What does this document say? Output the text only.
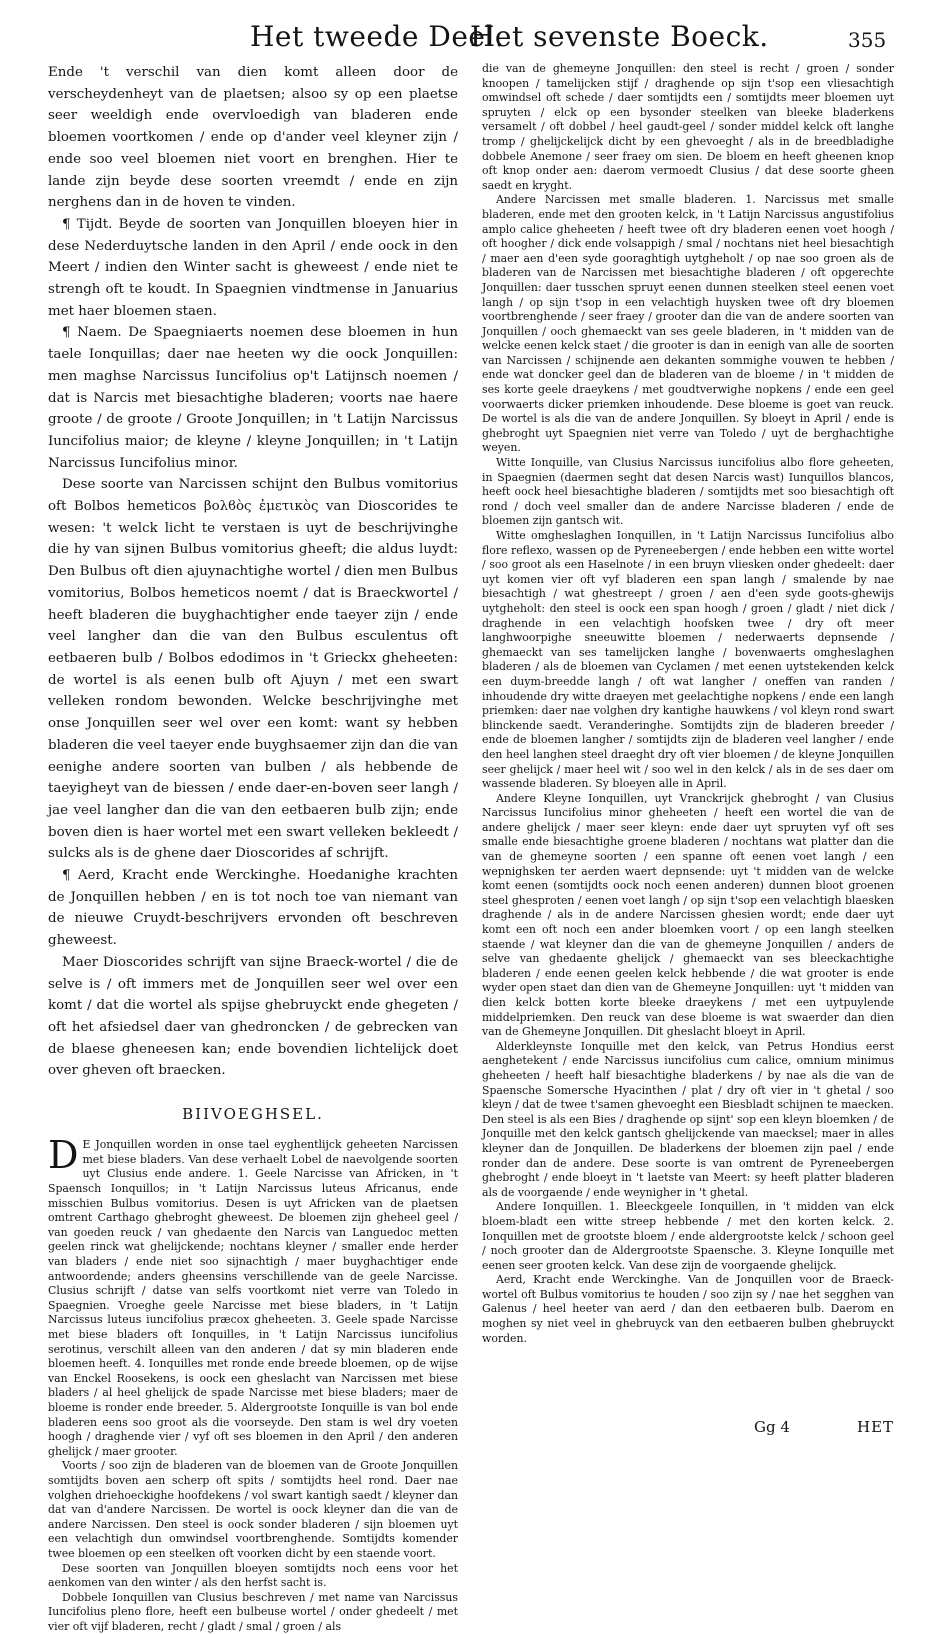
Het tweede Deel.
Het sevenste Boeck.	355

Ende 't verschil van dien komt alleen door de verscheydenheyt van de plaetsen; alsoo sy op een plaetse seer weeldigh ende overvloedigh van bladeren ende bloemen voortkomen / ende op d'ander veel kleyner zijn / ende soo veel bloemen niet voort en brenghen. Hier te lande zijn beyde dese soorten vreemdt / ende en zijn nerghens dan in de hoven te vinden.

¶ Tijdt. Beyde de soorten van Jonquillen bloeyen hier in dese Nederduytsche landen in den April / ende oock in den Meert / indien den Winter sacht is gheweest / ende niet te strengh oft te koudt. In Spaegnien vindtmense in Januarius met haer bloemen staen.

¶ Naem. De Spaegniaerts noemen dese bloemen in hun taele Ionquillas; daer nae heeten wy die oock Jonquillen: men maghse Narcissus Iuncifolius op't Latijnsch noemen / dat is Narcis met biesachtighe bladeren; voorts nae haere groote / de groote / Groote Jonquillen; in 't Latijn Narcissus Iuncifolius maior; de kleyne / kleyne Jonquillen; in 't Latijn Narcissus Iuncifolius minor.

Dese soorte van Narcissen schijnt den Bulbus vomitorius oft Bolbos hemeticos βολϐὸς ἐμετικὸς van Dioscorides te wesen: 't welck licht te verstaen is uyt de beschrijvinghe die hy van sijnen Bulbus vomitorius gheeft; die aldus luydt: Den Bulbus oft dien ajuynachtighe wortel / dien men Bulbus vomitorius, Bolbos hemeticos noemt / dat is Braeckwortel / heeft bladeren die buyghachtigher ende taeyer zijn / ende veel langher dan die van den Bulbus esculentus oft eetbaeren bulb / Bolbos edodimos in 't Grieckx gheheeten: de wortel is als eenen bulb oft Ajuyn / met een swart velleken rondom bewonden. Welcke beschrijvinghe met onse Jonquillen seer wel over een komt: want sy hebben bladeren die veel taeyer ende buyghsaemer zijn dan die van eenighe andere soorten van bulben / als hebbende de taeyigheyt van de biessen / ende daer-en-boven seer langh / jae veel langher dan die van den eetbaeren bulb zijn; ende boven dien is haer wortel met een swart velleken bekleedt / sulcks als is de ghene daer Dioscorides af schrijft.

¶ Aerd, Kracht ende Werckinghe. Hoedanighe krachten de Jonquillen hebben / en is tot noch toe van niemant van de nieuwe Cruydt-beschrijvers ervonden oft beschreven gheweest.

Maer Dioscorides schrijft van sijne Braeck-wortel / die de selve is / oft immers met de Jonquillen seer wel over een komt / dat die wortel als spijse ghebruyckt ende ghegeten / oft het afsiedsel daer van ghedroncken / de gebrecken van de blaese gheneesen kan; ende bovendien lichtelijck doet over gheven oft braecken.

BIIVOEGHSEL.

D E Jonquillen worden in onse tael eyghentlijck geheeten Narcissen met biese bladers. Van dese verhaelt Lobel de naevolgende soorten uyt Clusius ende andere. 1. Geele Narcisse van Africken, in 't Spaensch Ionquillos; in 't Latijn Narcissus luteus Africanus, ende misschien Bulbus vomitorius. Desen is uyt Africken van de plaetsen omtrent Carthago ghebroght gheweest. De bloemen zijn gheheel geel / van goeden reuck / van ghedaente den Narcis van Languedoc metten geelen rinck wat ghelijckende; nochtans kleyner / smaller ende herder van bladers / ende niet soo sijnachtigh / maer buyghachtiger ende antwoordende; anders gheensins verschillende van de geele Narcisse. Clusius schrijft / datse van selfs voortkomt niet verre van Toledo in Spaegnien. Vroeghe geele Narcisse met biese bladers, in 't Latijn Narcissus luteus iuncifolius præcox gheheeten. 3. Geele spade Narcisse met biese bladers oft Ionquilles, in 't Latijn Narcissus iuncifolius serotinus, verschilt alleen van den anderen / dat sy min bladeren ende bloemen heeft. 4. Ionquilles met ronde ende breede bloemen, op de wijse van Enckel Roosekens, is oock een gheslacht van Narcissen met biese bladers / al heel ghelijck de spade Narcisse met biese bladers; maer de bloeme is ronder ende breeder. 5. Aldergrootste Ionquille is van bol ende bladeren eens soo groot als die voorseyde. Den stam is wel dry voeten hoogh / draghende vier / vyf oft ses bloemen in den April / den anderen ghelijck / maer grooter.

Voorts / soo zijn de bladeren van de bloemen van de Groote Jonquillen somtijdts boven aen scherp oft spits / somtijdts heel rond. Daer nae volghen driehoeckighe hoofdekens / vol swart kantigh saedt / kleyner dan dat van d'andere Narcissen. De wortel is oock kleyner dan die van de andere Narcissen. Den steel is oock sonder bladeren / sijn bloemen uyt een velachtigh dun omwindsel voortbrenghende. Somtijdts komender twee bloemen op een steelken oft voorken dicht by een staende voort.

Dese soorten van Jonquillen bloeyen somtijdts noch eens voor het aenkomen van den winter / als den herfst sacht is.

Dobbele Ionquillen van Clusius beschreven / met name van Narcissus Iuncifolius pleno flore, heeft een bulbeuse wortel / onder ghedeelt / met vier oft vijf bladeren, recht / gladt / smal / groen / als

die van de ghemeyne Jonquillen: den steel is recht / groen / sonder knoopen / tamelijcken stijf / draghende op sijn t'sop een vliesachtigh omwindsel oft schede / daer somtijdts een / somtijdts meer bloemen uyt spruyten / elck op een bysonder steelken van bleeke bladerkens versamelt / oft dobbel / heel gaudt-geel / sonder middel kelck oft langhe tromp / ghelijckelijck dicht by een ghevoeght / als in de breedbladighe dobbele Anemone / seer fraey om sien. De bloem en heeft gheenen knop oft knop onder aen: daerom vermoedt Clusius / dat dese soorte gheen saedt en kryght.

Andere Narcissen met smalle bladeren. 1. Narcissus met smalle bladeren, ende met den grooten kelck, in 't Latijn Narcissus angustifolius amplo calice gheheeten / heeft twee oft dry bladeren eenen voet hoogh / oft hoogher / dick ende volsappigh / smal / nochtans niet heel biesachtigh / maer aen d'een syde gooraghtigh uytgheholt / op nae soo groen als de bladeren van de Narcissen met biesachtighe bladeren / oft opgerechte Jonquillen: daer tusschen spruyt eenen dunnen steelken steel eenen voet langh / op sijn t'sop in een velachtigh huysken twee oft dry bloemen voortbrenghende / seer fraey / grooter dan die van de andere soorten van Jonquillen / ooch ghemaeckt van ses geele bladeren, in 't midden van de welcke eenen kelck staet / die grooter is dan in eenigh van alle de soorten van Narcissen / schijnende aen dekanten sommighe vouwen te hebben / ende wat doncker geel dan de bladeren van de bloeme / in 't midden de ses korte geele draeykens / met goudtverwighe nopkens / ende een geel voorwaerts dicker priemken inhoudende. Dese bloeme is goet van reuck. De wortel is als die van de andere Jonquillen. Sy bloeyt in April / ende is ghebroght uyt Spaegnien niet verre van Toledo / uyt de berghachtighe weyen.

Witte Ionquille, van Clusius Narcissus iuncifolius albo flore geheeten, in Spaegnien (daermen seght dat desen Narcis wast) Iunquillos blancos, heeft oock heel biesachtighe bladeren / somtijdts met soo biesachtigh oft rond / doch veel smaller dan de andere Narcisse bladeren / ende de bloemen zijn gantsch wit.

Witte omgheslaghen Ionquillen, in 't Latijn Narcissus Iuncifolius albo flore reflexo, wassen op de Pyreneebergen / ende hebben een witte wortel / soo groot als een Haselnote / in een bruyn vliesken onder ghedeelt: daer uyt komen vier oft vyf bladeren een span langh / smalende by nae biesachtigh / wat ghestreept / groen / aen d'een syde goots-ghewijs uytgheholt: den steel is oock een span hoogh / groen / gladt / niet dick / draghende in een velachtigh hoofsken twee / dry oft meer langhwoorpighe sneeuwitte bloemen / nederwaerts depnsende / ghemaeckt van ses tamelijcken langhe / bovenwaerts omgheslaghen bladeren / als de bloemen van Cyclamen / met eenen uytstekenden kelck een duym-breedde langh / oft wat langher / oneffen van randen / inhoudende dry witte draeyen met geelachtighe nopkens / ende een langh priemken: daer nae volghen dry kantighe hauwkens / vol kleyn rond swart blinckende saedt. Veranderinghe. Somtijdts zijn de bladeren breeder / ende de bloemen langher / somtijdts zijn de bladeren veel langher / ende den heel langhen steel draeght dry oft vier bloemen / de kleyne Jonquillen seer ghelijck / maer heel wit / soo wel in den kelck / als in de ses daer om wassende bladeren. Sy bloeyen alle in April.

Andere Kleyne Ionquillen, uyt Vranckrijck ghebroght / van Clusius Narcissus Iuncifolius minor gheheeten / heeft een wortel die van de andere ghelijck / maer seer kleyn: ende daer uyt spruyten vyf oft ses smalle ende biesachtighe groene bladeren / nochtans wat platter dan die van de ghemeyne soorten / een spanne oft eenen voet langh / een wepnighsken ter aerden waert depnsende: uyt 't midden van de welcke komt eenen (somtijdts oock noch eenen anderen) dunnen bloot groenen steel ghesproten / eenen voet langh / op sijn t'sop een velachtigh blaesken draghende / als in de andere Narcissen ghesien wordt; ende daer uyt komt een oft noch een ander bloemken voort / op een langh steelken staende / wat kleyner dan die van de ghemeyne Jonquillen / anders de selve van ghedaente ghelijck / ghemaeckt van ses bleeckachtighe bladeren / ende eenen geelen kelck hebbende / die wat grooter is ende wyder open staet dan dien van de Ghemeyne Jonquillen: uyt 't midden van dien kelck botten korte bleeke draeykens / met een uytpuylende middelpriemken. Den reuck van dese bloeme is wat swaerder dan dien van de Ghemeyne Jonquillen. Dit gheslacht bloeyt in April.

Alderkleynste Ionquille met den kelck, van Petrus Hondius eerst aenghetekent / ende Narcissus iuncifolius cum calice, omnium minimus gheheeten / heeft half biesachtighe bladerkens / by nae als die van de Spaensche Somersche Hyacinthen / plat / dry oft vier in 't ghetal / soo kleyn / dat de twee t'samen ghevoeght een Biesbladt schijnen te maecken. Den steel is als een Bies / draghende op sijnt' sop een kleyn bloemken / de Jonquille met den kelck gantsch ghelijckende van maecksel; maer in alles kleyner dan de Jonquillen. De bladerkens der bloemen zijn pael / ende ronder dan de andere. Dese soorte is van omtrent de Pyreneebergen ghebroght / ende bloeyt in 't laetste van Meert: sy heeft platter bladeren als de voorgaende / ende weynigher in 't ghetal.

Andere Ionquillen. 1. Bleeckgeele Ionquillen, in 't midden van elck bloem-bladt een witte streep hebbende / met den korten kelck. 2. Ionquillen met de grootste bloem / ende aldergrootste kelck / schoon geel / noch grooter dan de Aldergrootste Spaensche. 3. Kleyne Ionquille met eenen seer grooten kelck. Van dese zijn de voorgaende ghelijck.

Aerd, Kracht ende Werckinghe. Van de Jonquillen voor de Braeck-wortel oft Bulbus vomitorius te houden / soo zijn sy / nae het segghen van Galenus / heel heeter van aerd / dan den eetbaeren bulb. Daerom en moghen sy niet veel in ghebruyck van den eetbaeren bulben ghebruyckt worden.

Gg 4	HET
